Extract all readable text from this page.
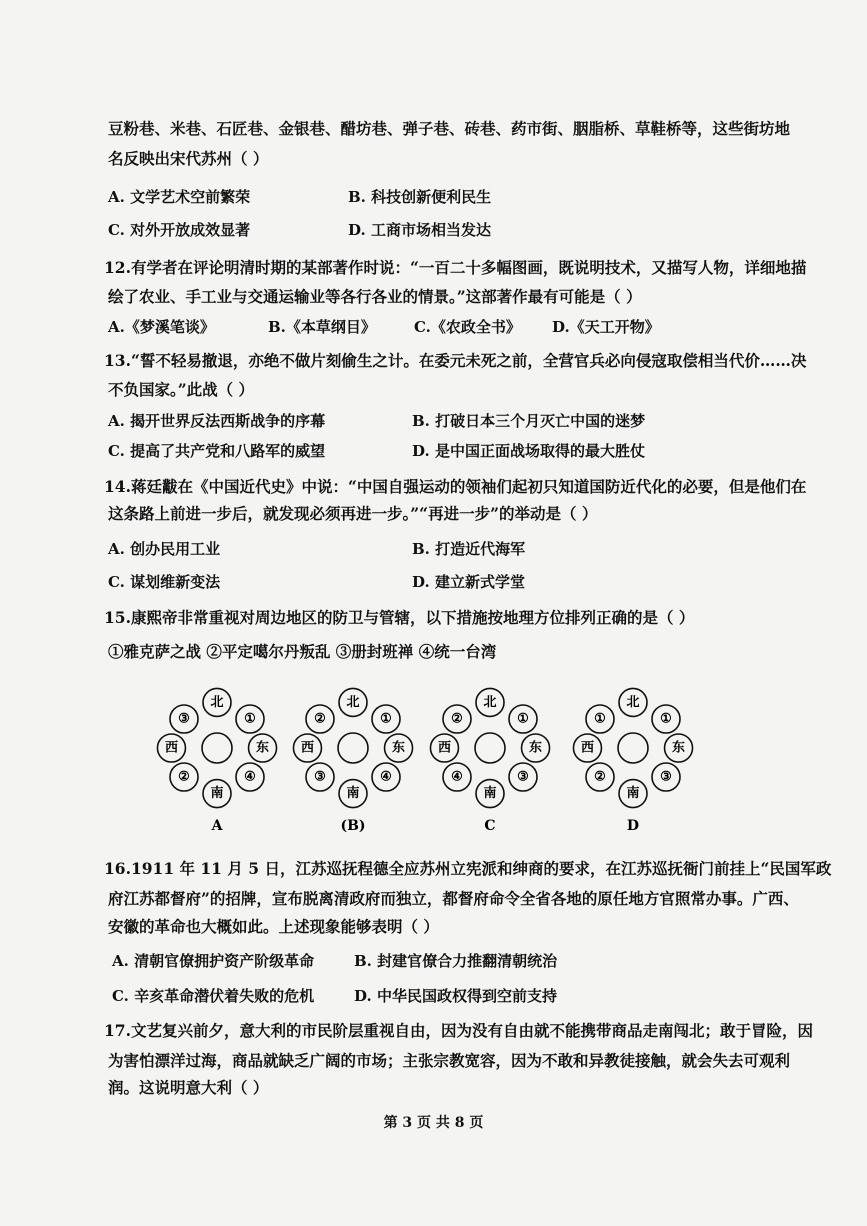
豆粉巷、米巷、石匠巷、金银巷、醋坊巷、弹子巷、砖巷、药市街、胭脂桥、草鞋桥等，这些街坊地
名反映出宋代苏州（ ）
A. 文学艺术空前繁荣	B. 科技创新便利民生
C. 对外开放成效显著	D. 工商市场相当发达
12.有学者在评论明清时期的某部著作时说：“一百二十多幅图画，既说明技术，又描写人物，详细地描
绘了农业、手工业与交通运输业等各行各业的情景。”这部著作最有可能是（ ）
A.《梦溪笔谈》	B.《本草纲目》	C.《农政全书》 D.《天工开物》
13.“誓不轻易撤退，亦绝不做片刻偷生之计。在委元未死之前，全营官兵必向侵寇取偿相当代价……决
不负国家。”此战（ ）
A. 揭开世界反法西斯战争的序幕	B. 打破日本三个月灭亡中国的迷梦
C. 提高了共产党和八路军的威望	D. 是中国正面战场取得的最大胜仗
14.蒋廷黻在《中国近代史》中说：“中国自强运动的领袖们起初只知道国防近代化的必要，但是他们在
这条路上前进一步后，就发现必须再进一步。”“再进一步”的举动是（ ）
A. 创办民用工业	B. 打造近代海军
C. 谋划维新变法	D. 建立新式学堂
15.康熙帝非常重视对周边地区的防卫与管辖，以下措施按地理方位排列正确的是（ ）
①雅克萨之战 ②平定噶尔丹叛乱 ③册封班禅 ④统一台湾
北
南
西	东
③	①
②	④
A
北
南
西	东
②	①
③	④
(B)
北
南
西	东
②	①
④	③
C
北
南
西	东
①	①
②	③
D
16.1911 年 11 月 5 日，江苏巡抚程德全应苏州立宪派和绅商的要求，在江苏巡抚衙门前挂上“民国军政
府江苏都督府”的招牌，宣布脱离清政府而独立，都督府命令全省各地的原任地方官照常办事。广西、
安徽的革命也大概如此。上述现象能够表明（ ）
A. 清朝官僚拥护资产阶级革命	B. 封建官僚合力推翻清朝统治
C. 辛亥革命潜伏着失败的危机	D. 中华民国政权得到空前支持
17.文艺复兴前夕，意大利的市民阶层重视自由，因为没有自由就不能携带商品走南闯北；敢于冒险，因
为害怕漂洋过海，商品就缺乏广阔的市场；主张宗教宽容，因为不敢和异教徒接触，就会失去可观利
润。这说明意大利（ ）
第 3 页 共 8 页
